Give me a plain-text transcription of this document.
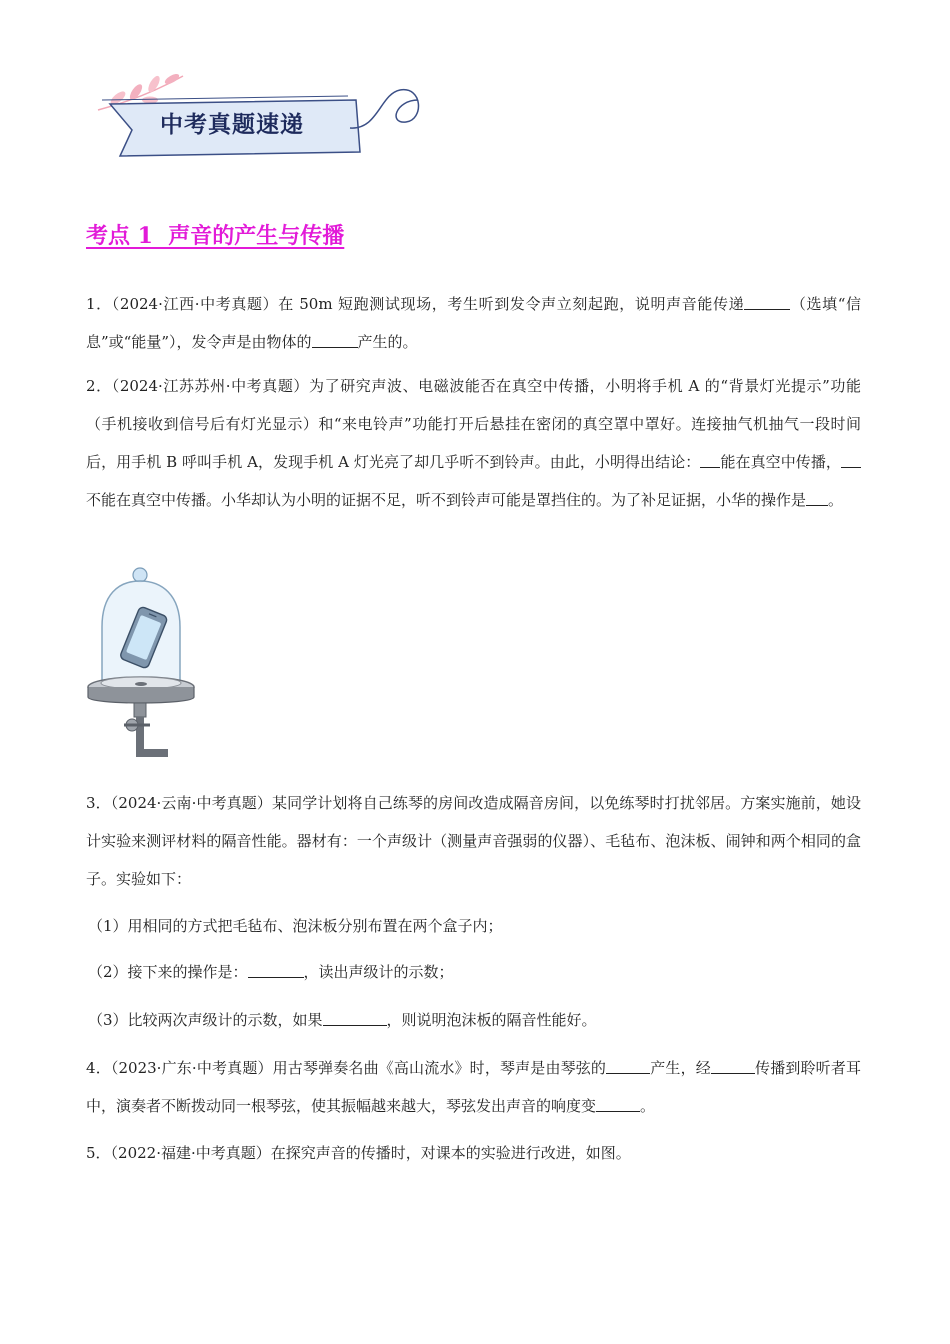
中考真题速递
考点 1  声音的产生与传播

1．（2024·江西·中考真题）在 50m 短跑测试现场，考生听到发令声立刻起跑，说明声音能传递	（选填“信息”或“能量”），发令声是由物体的	产生的。

2．（2024·江苏苏州·中考真题）为了研究声波、电磁波能否在真空中传播，小明将手机 A 的“背景灯光提示”功能（手机接收到信号后有灯光显示）和“来电铃声”功能打开后悬挂在密闭的真空罩中罩好。连接抽气机抽气一段时间后，用手机 B 呼叫手机 A，发现手机 A 灯光亮了却几乎听不到铃声。由此，小明得出结论： 能在真空中传播，不能在真空中传播。小华却认为小明的证据不足，听不到铃声可能是罩挡住的。为了补足证据，小华的操作是 。

3．（2024·云南·中考真题）某同学计划将自己练琴的房间改造成隔音房间，以免练琴时打扰邻居。方案实施前，她设计实验来测评材料的隔音性能。器材有：一个声级计（测量声音强弱的仪器）、毛毡布、泡沫板、闹钟和两个相同的盒子。实验如下：

（1）用相同的方式把毛毡布、泡沫板分别布置在两个盒子内；
（2）接下来的操作是：	，读出声级计的示数；
（3）比较两次声级计的示数，如果	，则说明泡沫板的隔音性能好。

4．（2023·广东·中考真题）用古琴弹奏名曲《高山流水》时，琴声是由琴弦的	产生，经	传播到聆听者耳中，演奏者不断拨动同一根琴弦，使其振幅越来越大，琴弦发出声音的响度变	。

5．（2022·福建·中考真题）在探究声音的传播时，对课本的实验进行改进，如图。
